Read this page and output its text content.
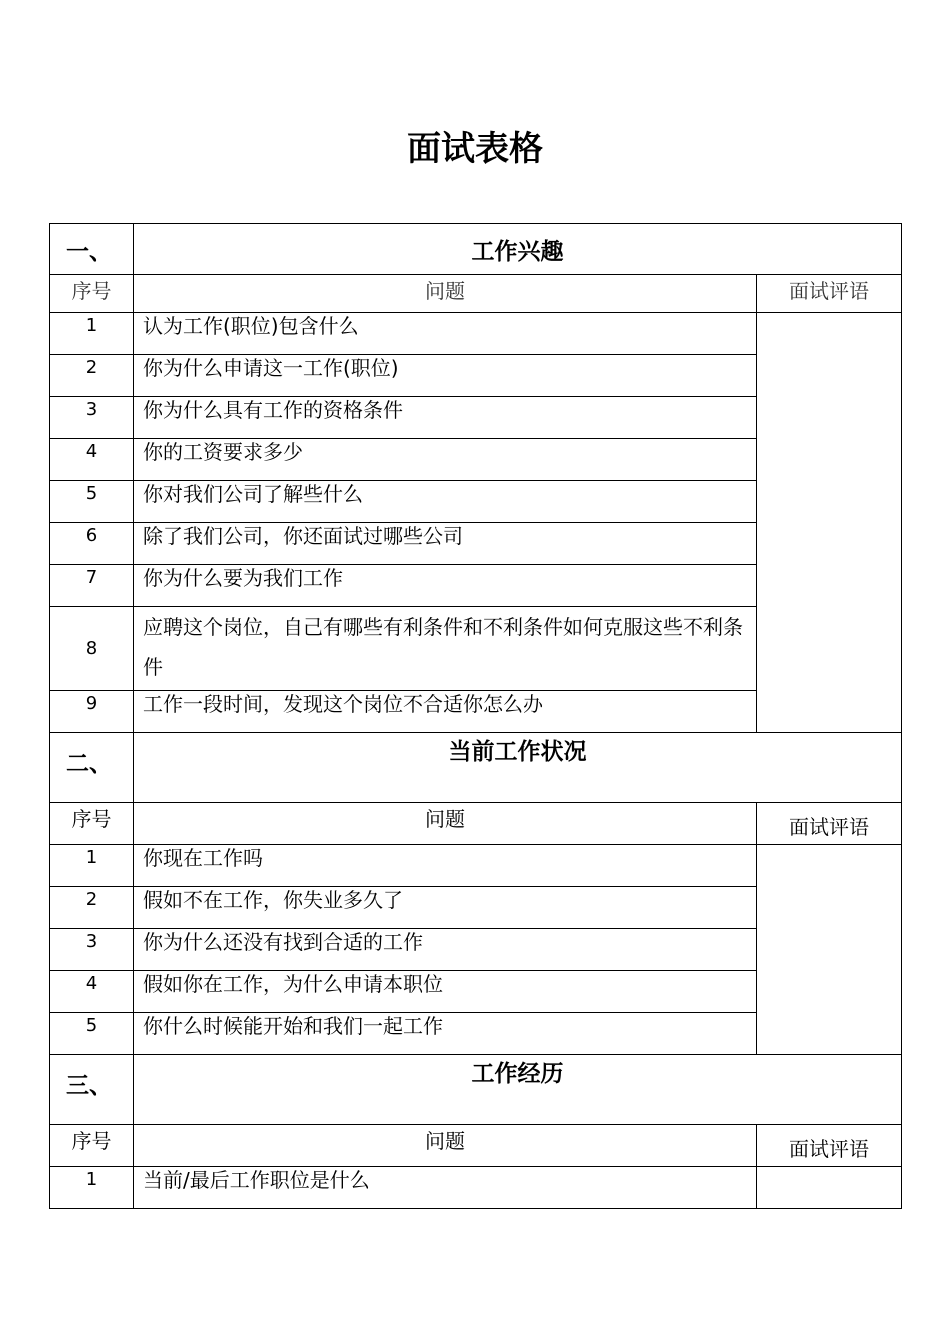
面试表格
一、	工作兴趣	
序号	问题	面试评语
1	认为工作(职位)包含什么	
2	你为什么申请这一工作(职位)	
3	你为什么具有工作的资格条件	
4	你的工资要求多少	
5	你对我们公司了解些什么	
6	除了我们公司，你还面试过哪些公司	
7	你为什么要为我们工作	
8	应聘这个岗位，自己有哪些有利条件和不利条件如何克服这些不利条件	
9	工作一段时间，发现这个岗位不合适你怎么办	
二、	当前工作状况	
序号	问题	面试评语
1	你现在工作吗	
2	假如不在工作，你失业多久了	
3	你为什么还没有找到合适的工作	
4	假如你在工作，为什么申请本职位	
5	你什么时候能开始和我们一起工作	
三、	工作经历	
序号	问题	面试评语
1	当前/最后工作职位是什么	
